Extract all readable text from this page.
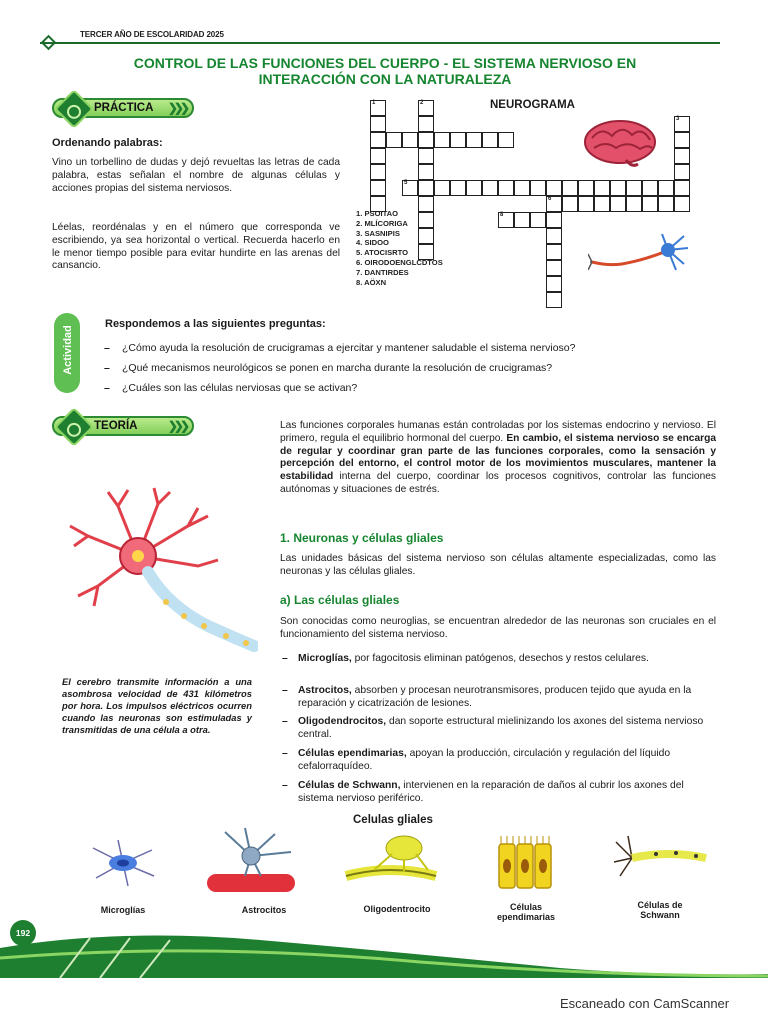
TERCER AÑO DE ESCOLARIDAD 2025
CONTROL DE LAS FUNCIONES DEL CUERPO - EL SISTEMA NERVIOSO EN
INTERACCIÓN CON LA NATURALEZA
PRÁCTICA ❯❯❯
Ordenando palabras:
Vino un torbellino de dudas y dejó revueltas las letras de cada palabra, estas señalan el nombre de algunas células y acciones propias del sistema nerviosos.
Léelas, reordénalas y en el número que corresponda ve escribiendo, ya sea horizontal o vertical. Recuerda hacerlo en le menor tiempo posible para evitar hundirte en las arenas del cansancio.
NEUROGRAMA
1	2
3
5
6
8
1. PSOITAO
2. MLÍCORIGA
3. SASNIPIS
4. SIDOO
5. ATOCISRTO
6. OIRODOENGLCDTOS
7. DANTIRDES
8. AÖXN
Actividad
Respondemos a las siguientes preguntas:
– ¿Cómo ayuda la resolución de crucigramas a ejercitar y mantener saludable el sistema nervioso?
– ¿Qué mecanismos neurológicos se ponen en marcha durante la resolución de crucigramas?
– ¿Cuáles son las células nerviosas que se activan?
TEORÍA	❯❯❯	Las funciones corporales humanas están controladas por los sistemas endocrino y nervioso. El primero, regula el equilibrio hormonal del cuerpo. En cambio, el sistema nervioso se encarga de regular y coordinar gran parte de las funciones corporales, como la sensación y percepción del entorno, el control motor de los movimientos musculares, mantener la estabilidad interna del cuerpo, coordinar los procesos cognitivos, controlar las funciones autónomas y situaciones de estrés.
El cerebro transmite información a una asombrosa velocidad de 431 kilómetros por hora. Los impulsos eléctricos ocurren cuando las neuronas son estimuladas y transmitidas de una célula a otra.
1. Neuronas y células gliales
Las unidades básicas del sistema nervioso son células altamente especializadas, como las neuronas y las células gliales.
a) Las células gliales
Son conocidas como neuroglias, se encuentran alrededor de las neuronas son cruciales en el funcionamiento del sistema nervioso.
– Microglías, por fagocitosis eliminan patógenos, desechos y restos celulares.
– Astrocitos, absorben y procesan neurotransmisores, producen tejido que ayuda en la reparación y cicatrización de lesiones.
– Oligodendrocitos, dan soporte estructural mielinizando los axones del sistema nervioso central.
– Células ependimarias, apoyan la producción, circulación y regulación del líquido cefalorraquídeo.
– Células de Schwann, intervienen en la reparación de daños al cubrir los axones del sistema nervioso periférico.
Celulas gliales
Microglías	Astrocitos	Oligodentrocito	Células ependimarias
Células de Schwann
192
Escaneado con CamScanner
